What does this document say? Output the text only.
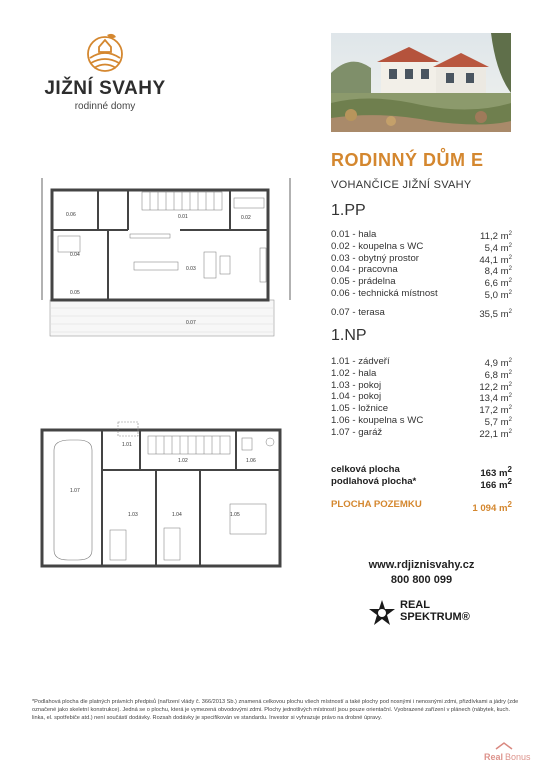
JIŽNÍ SVAHY
rodinné domy
RODINNÝ DŮM E
VOHANČICE JIŽNÍ SVAHY
1.PP
0.01 - hala	11,2 $m^2$
0.02 - koupelna s WC	5,4 $m^2$
0.03 - obytný prostor	44,1 $m^2$
0.04 - pracovna	8,4 $m^2$
0.05 - prádelna	6,6 $m^2$
0.06 - technická místnost	5,0 $m^2$
0.07 - terasa	35,5 $m^2$
1.NP
1.01 - zádveří	4,9 $m^2$
1.02 - hala	6,8 $m^2$
1.03 - pokoj	12,2 $m^2$
1.04 - pokoj	13,4 $m^2$
1.05 - ložnice	17,2 $m^2$
1.06 - koupelna s WC	5,7 $m^2$
1.07 - garáž	22,1 $m^2$
celková plocha	163 $m^2$
podlahová plocha*	166 $m^2$
PLOCHA POZEMKU	1 094 $m^2$
www.rdjiznisvahy.cz
800 800 099
REAL
SPEKTRUM®
*Podlahová plocha dle platných právních předpisů (nařízení vlády č. 366/2013 Sb.) znamená celkovou plochu všech místností a také plochy pod nosnými i nenosnými zdmi, přizdívkami a jádry (zde označené jako skeletní konstrukce). Jedná se o plochu, která je vymezená obvodovými zdmi. Plochy jednotlivých místností jsou pouze orientační. Vyobrazené zařízení v plánech (nábytek, kuch. linka, el. spotřebiče atd.) není součástí dodávky. Rozsah dodávky je specifikován ve standardu. Investor si vyhrazuje právo na drobné úpravy.
Real Bonus
0.06	0.01	0.02
0.04
0.05
0.03
0.07
1.01
1.02	1.06
1.07
1.03	1.04	1.05
